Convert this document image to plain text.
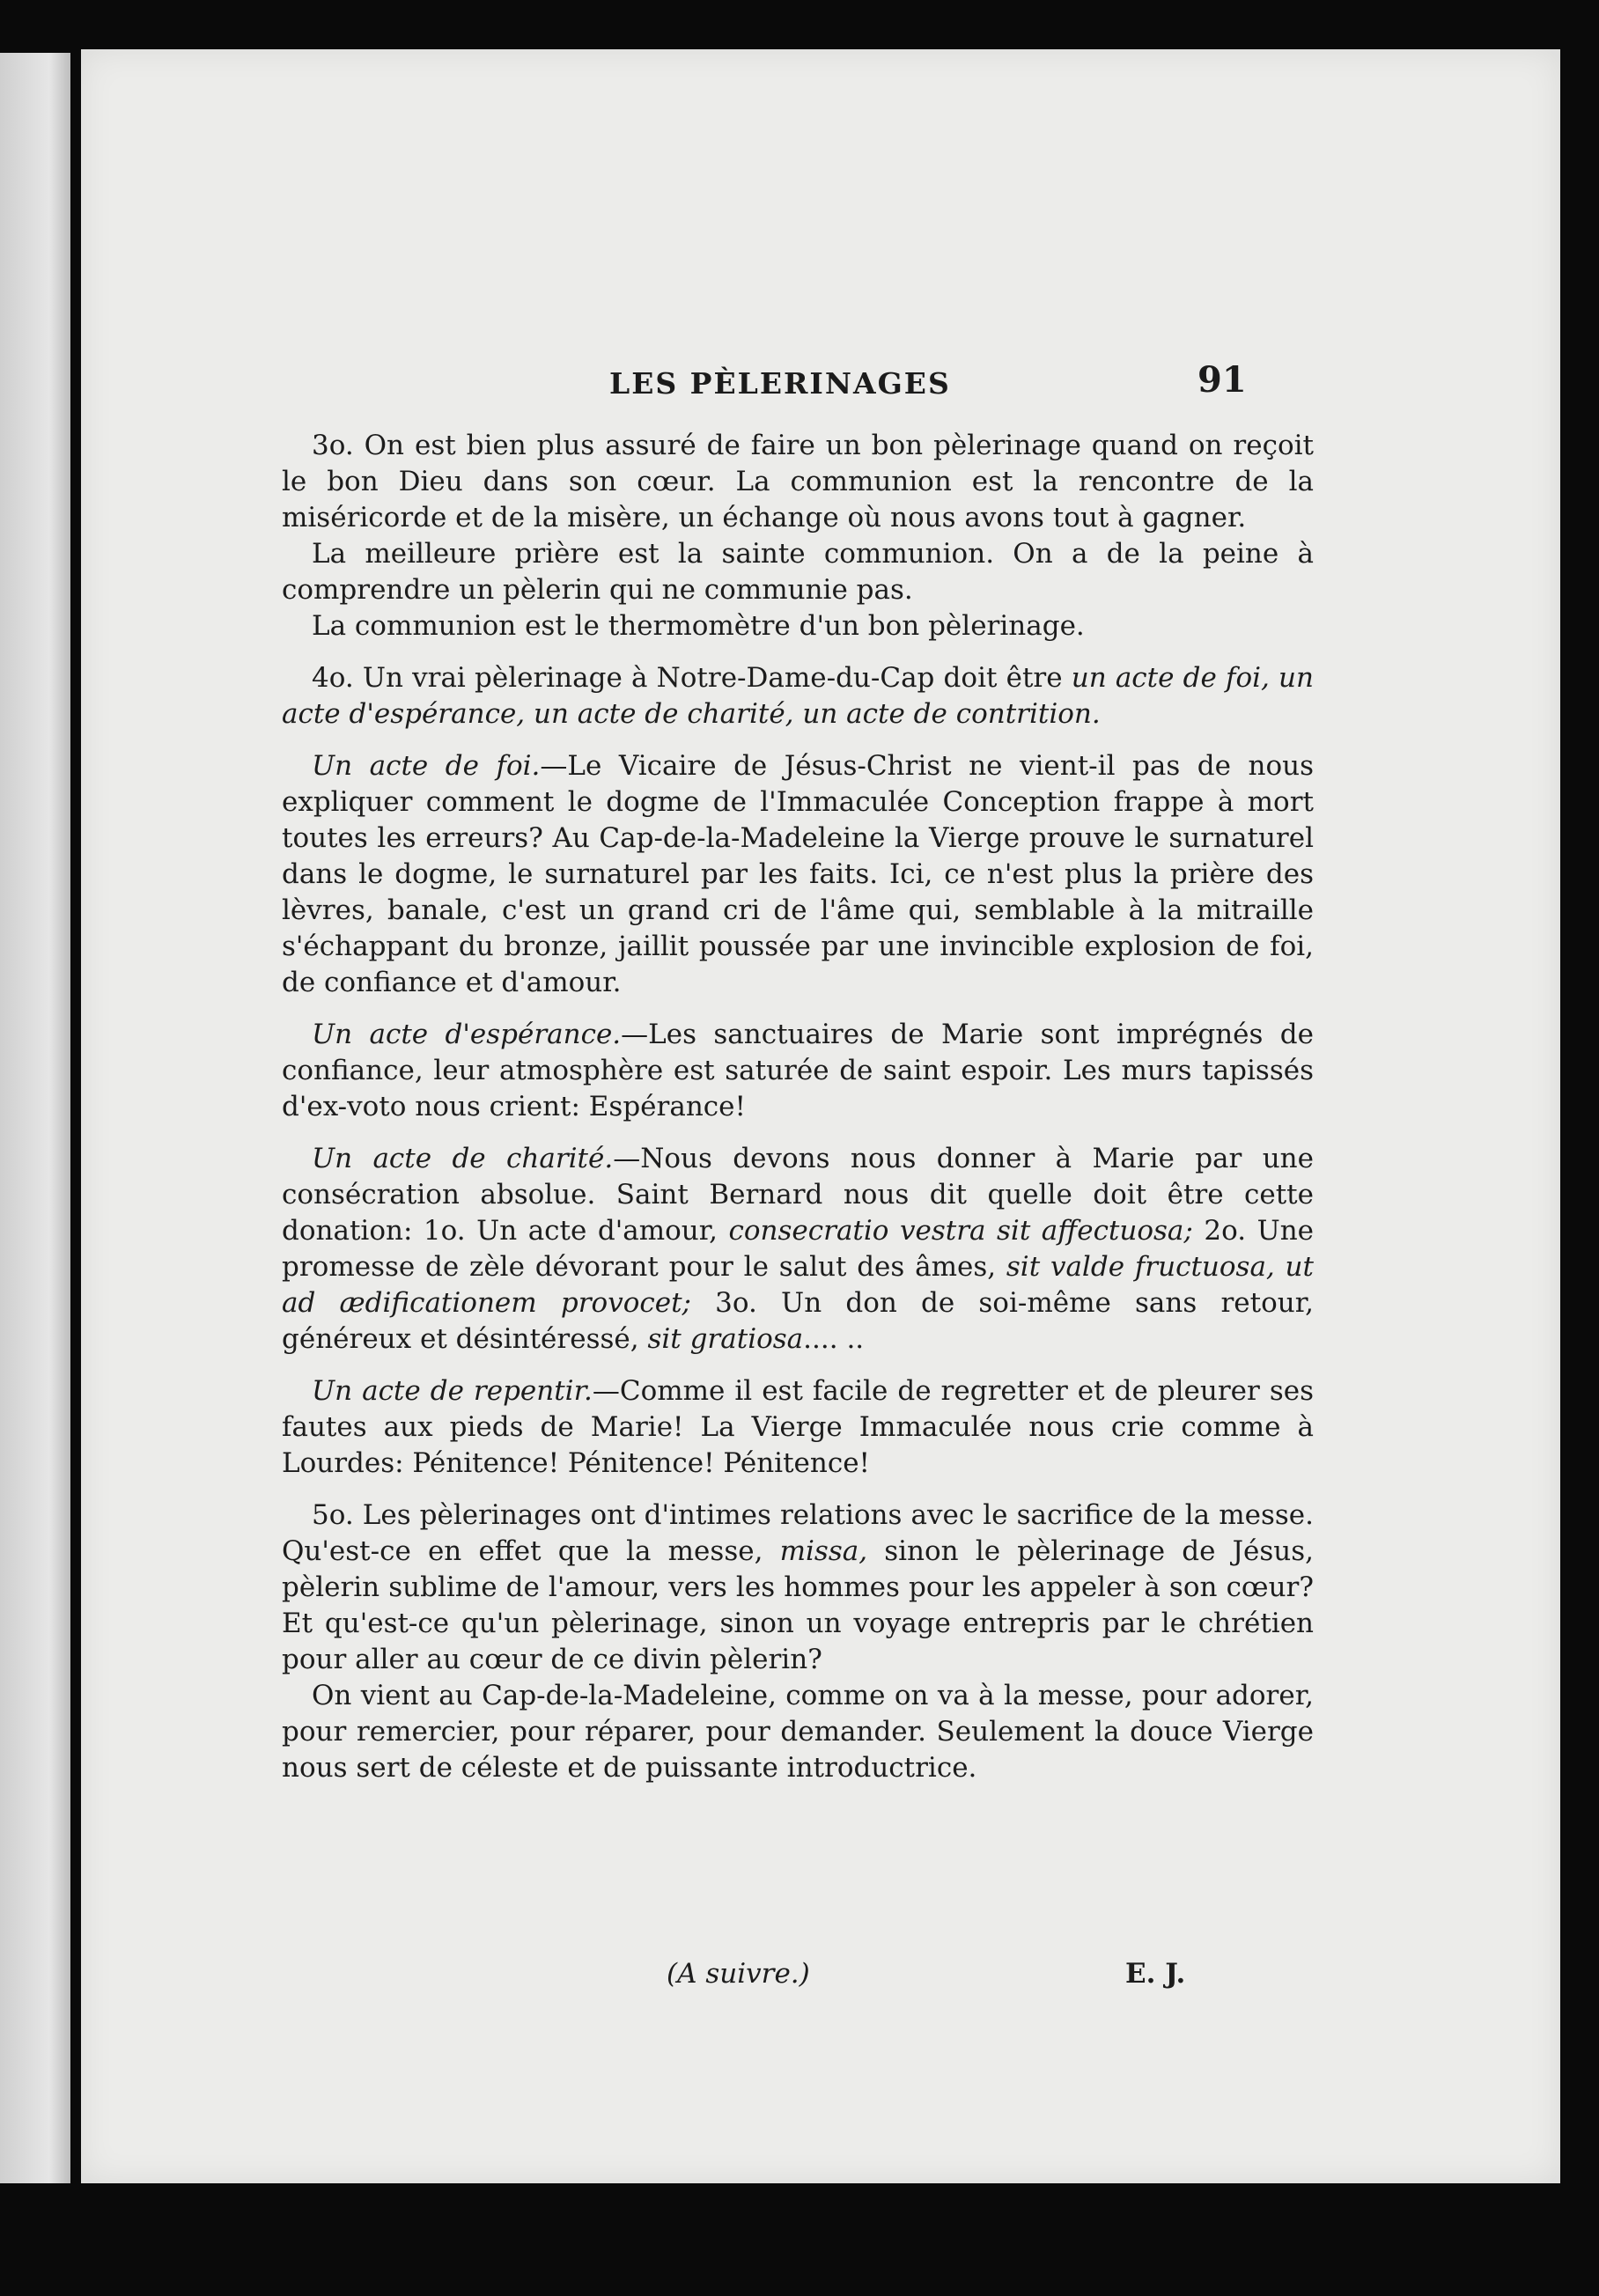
LES PÈLERINAGES	91

3o. On est bien plus assuré de faire un bon pèlerinage quand on reçoit le bon Dieu dans son cœur. La communion est la rencontre de la miséricorde et de la misère, un échange où nous avons tout à gagner.

La meilleure prière est la sainte communion. On a de la peine à comprendre un pèlerin qui ne communie pas.

La communion est le thermomètre d'un bon pèlerinage.

4o. Un vrai pèlerinage à Notre-Dame-du-Cap doit être un acte de foi, un acte d'espérance, un acte de charité, un acte de contrition.

Un acte de foi.—Le Vicaire de Jésus-Christ ne vient-il pas de nous expliquer comment le dogme de l'Immaculée Conception frappe à mort toutes les erreurs? Au Cap-de-la-Madeleine la Vierge prouve le surnaturel dans le dogme, le surnaturel par les faits. Ici, ce n'est plus la prière des lèvres, banale, c'est un grand cri de l'âme qui, semblable à la mitraille s'échappant du bronze, jaillit poussée par une invincible explosion de foi, de confiance et d'amour.

Un acte d'espérance.—Les sanctuaires de Marie sont imprégnés de confiance, leur atmosphère est saturée de saint espoir. Les murs tapissés d'ex-voto nous crient: Espérance!

Un acte de charité.—Nous devons nous donner à Marie par une consécration absolue. Saint Bernard nous dit quelle doit être cette donation: 1o. Un acte d'amour, consecratio vestra sit affectuosa; 2o. Une promesse de zèle dévorant pour le salut des âmes, sit valde fructuosa, ut ad ædificationem provocet; 3o. Un don de soi-même sans retour, généreux et désintéressé, sit gratiosa.... ..

Un acte de repentir.—Comme il est facile de regretter et de pleurer ses fautes aux pieds de Marie! La Vierge Immaculée nous crie comme à Lourdes: Pénitence! Pénitence! Pénitence!

5o. Les pèlerinages ont d'intimes relations avec le sacrifice de la messe. Qu'est-ce en effet que la messe, missa, sinon le pèlerinage de Jésus, pèlerin sublime de l'amour, vers les hommes pour les appeler à son cœur? Et qu'est-ce qu'un pèlerinage, sinon un voyage entrepris par le chrétien pour aller au cœur de ce divin pèlerin?

On vient au Cap-de-la-Madeleine, comme on va à la messe, pour adorer, pour remercier, pour réparer, pour demander. Seulement la douce Vierge nous sert de céleste et de puissante introductrice.

(A suivre.)	E. J.
